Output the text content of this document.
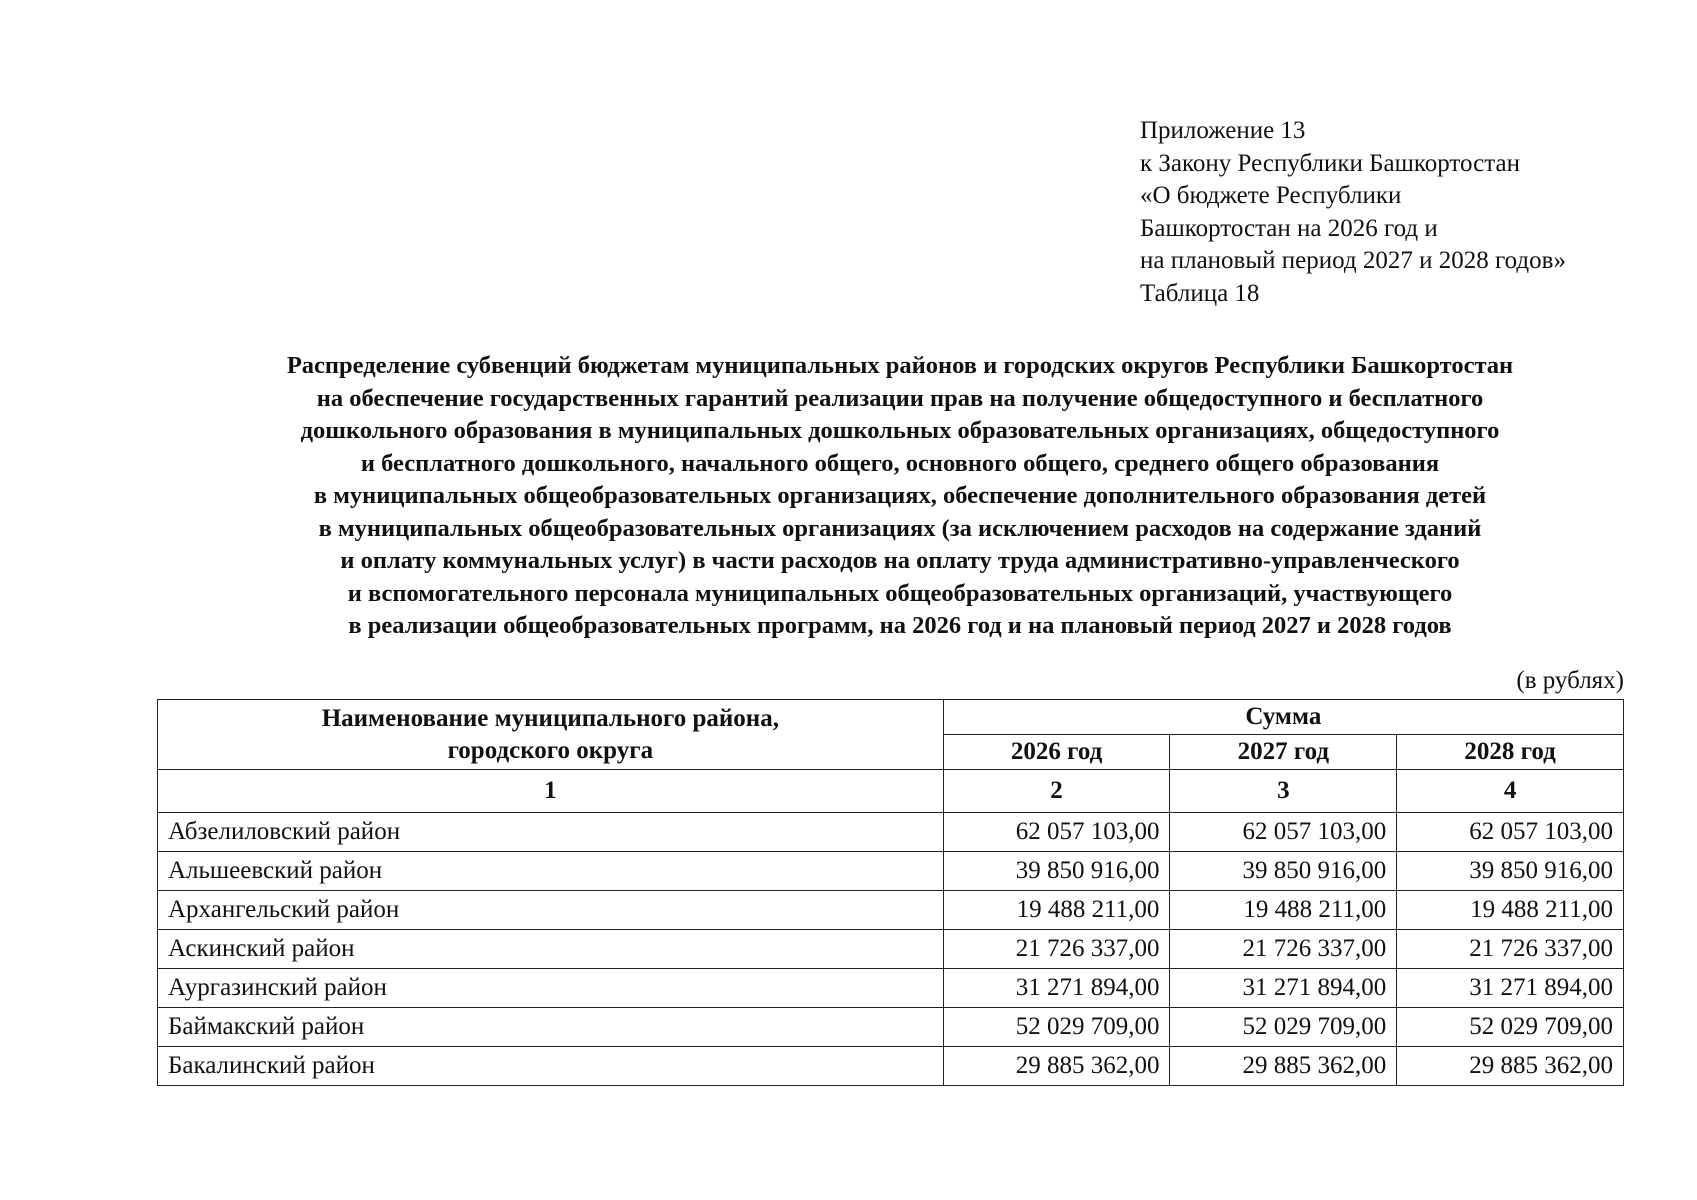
Приложение 13
к Закону Республики Башкортостан
«О бюджете Республики
Башкортостан на 2026 год и
на плановый период 2027 и 2028 годов»
Таблица 18
Распределение субвенций бюджетам муниципальных районов и городских округов Республики Башкортостан
на обеспечение государственных гарантий реализации прав на получение общедоступного и бесплатного
дошкольного образования в муниципальных дошкольных образовательных организациях, общедоступного
и бесплатного дошкольного, начального общего, основного общего, среднего общего образования
в муниципальных общеобразовательных организациях, обеспечение дополнительного образования детей
в муниципальных общеобразовательных организациях (за исключением расходов на содержание зданий
и оплату коммунальных услуг) в части расходов на оплату труда административно-управленческого
и вспомогательного персонала муниципальных общеобразовательных организаций, участвующего
в реализации общеобразовательных программ, на 2026 год и на плановый период 2027 и 2028 годов
(в рублях)
Наименование муниципального района,
городского округа	Сумма		
	2026 год	2027 год	2028 год
1	2	3	4
Абзелиловский район	62 057 103,00	62 057 103,00	62 057 103,00
Альшеевский район	39 850 916,00	39 850 916,00	39 850 916,00
Архангельский район	19 488 211,00	19 488 211,00	19 488 211,00
Аскинский район	21 726 337,00	21 726 337,00	21 726 337,00
Аургазинский район	31 271 894,00	31 271 894,00	31 271 894,00
Баймакский район	52 029 709,00	52 029 709,00	52 029 709,00
Бакалинский район	29 885 362,00	29 885 362,00	29 885 362,00
